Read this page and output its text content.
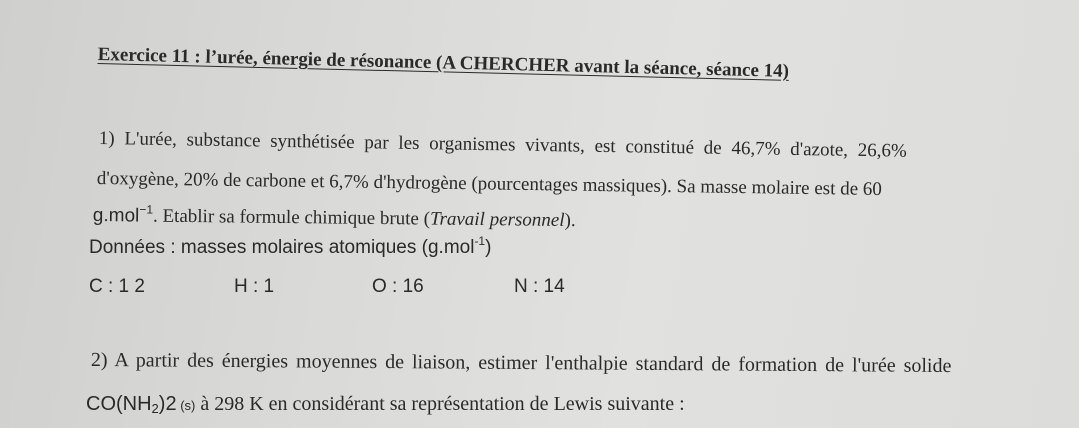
Exercice 11 : l’urée, énergie de résonance (A CHERCHER avant la séance, séance 14)
1) L'urée, substance synthétisée par les organismes vivants, est constitué de 46,7% d'azote, 26,6%
d'oxygène, 20% de carbone et 6,7% d'hydrogène (pourcentages massiques). Sa masse molaire est de 60
g.mol$^{-1}$. Etablir sa formule chimique brute (Travail personnel).
Données : masses molaires atomiques (g.mol$^{-1}$)
C : 1 2	H : 1	O : 16	N : 14
2) A partir des énergies moyennes de liaison, estimer l'enthalpie standard de formation de l'urée solide
CO(NH2)2 (s) à 298 K en considérant sa représentation de Lewis suivante :
